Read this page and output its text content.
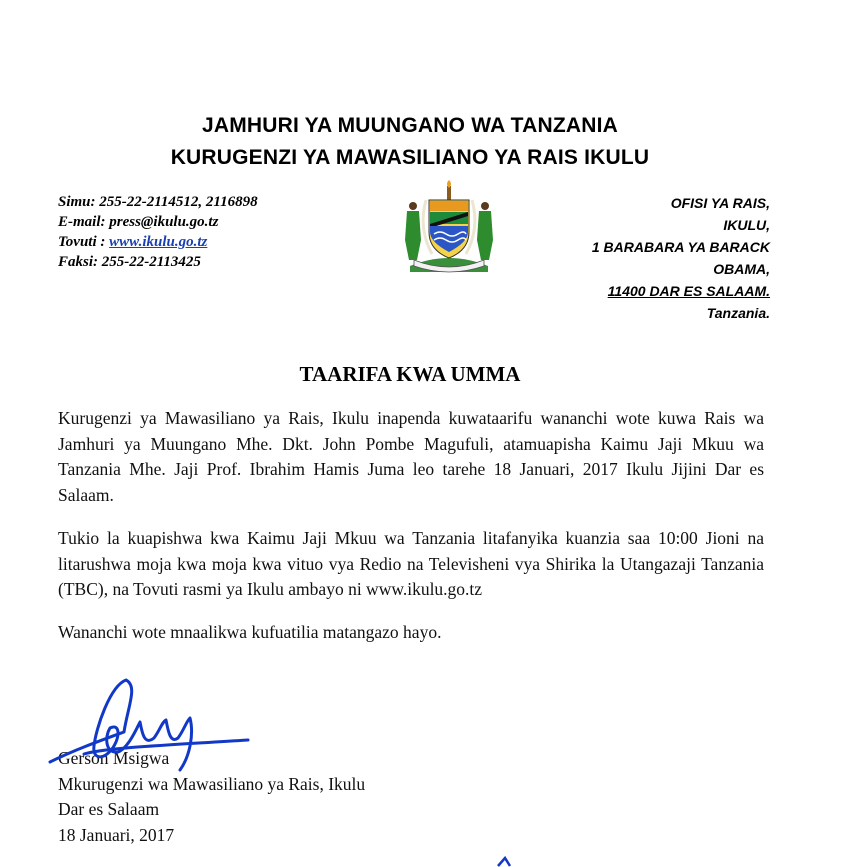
JAMHURI YA MUUNGANO WA TANZANIA
KURUGENZI YA MAWASILIANO YA RAIS IKULU
Simu: 255-22-2114512, 2116898
E-mail: press@ikulu.go.tz
Tovuti : www.ikulu.go.tz
Faksi: 255-22-2113425
OFISI YA RAIS,
IKULU,
1 BARABARA YA BARACK
OBAMA,
11400 DAR ES SALAAM.
Tanzania.
TAARIFA KWA UMMA
Kurugenzi ya Mawasiliano ya Rais, Ikulu inapenda kuwataarifu wananchi wote kuwa Rais wa Jamhuri ya Muungano Mhe. Dkt. John Pombe Magufuli, atamuapisha Kaimu Jaji Mkuu wa Tanzania Mhe. Jaji Prof. Ibrahim Hamis Juma leo tarehe 18 Januari, 2017 Ikulu Jijini Dar es Salaam.
Tukio la kuapishwa kwa Kaimu Jaji Mkuu wa Tanzania litafanyika kuanzia saa 10:00 Jioni na litarushwa moja kwa moja kwa vituo vya Redio na Televisheni vya Shirika la Utangazaji Tanzania (TBC), na Tovuti rasmi ya Ikulu ambayo ni www.ikulu.go.tz
Wananchi wote mnaalikwa kufuatilia matangazo hayo.
Gerson Msigwa
Mkurugenzi wa Mawasiliano ya Rais, Ikulu
Dar es Salaam
18 Januari, 2017
